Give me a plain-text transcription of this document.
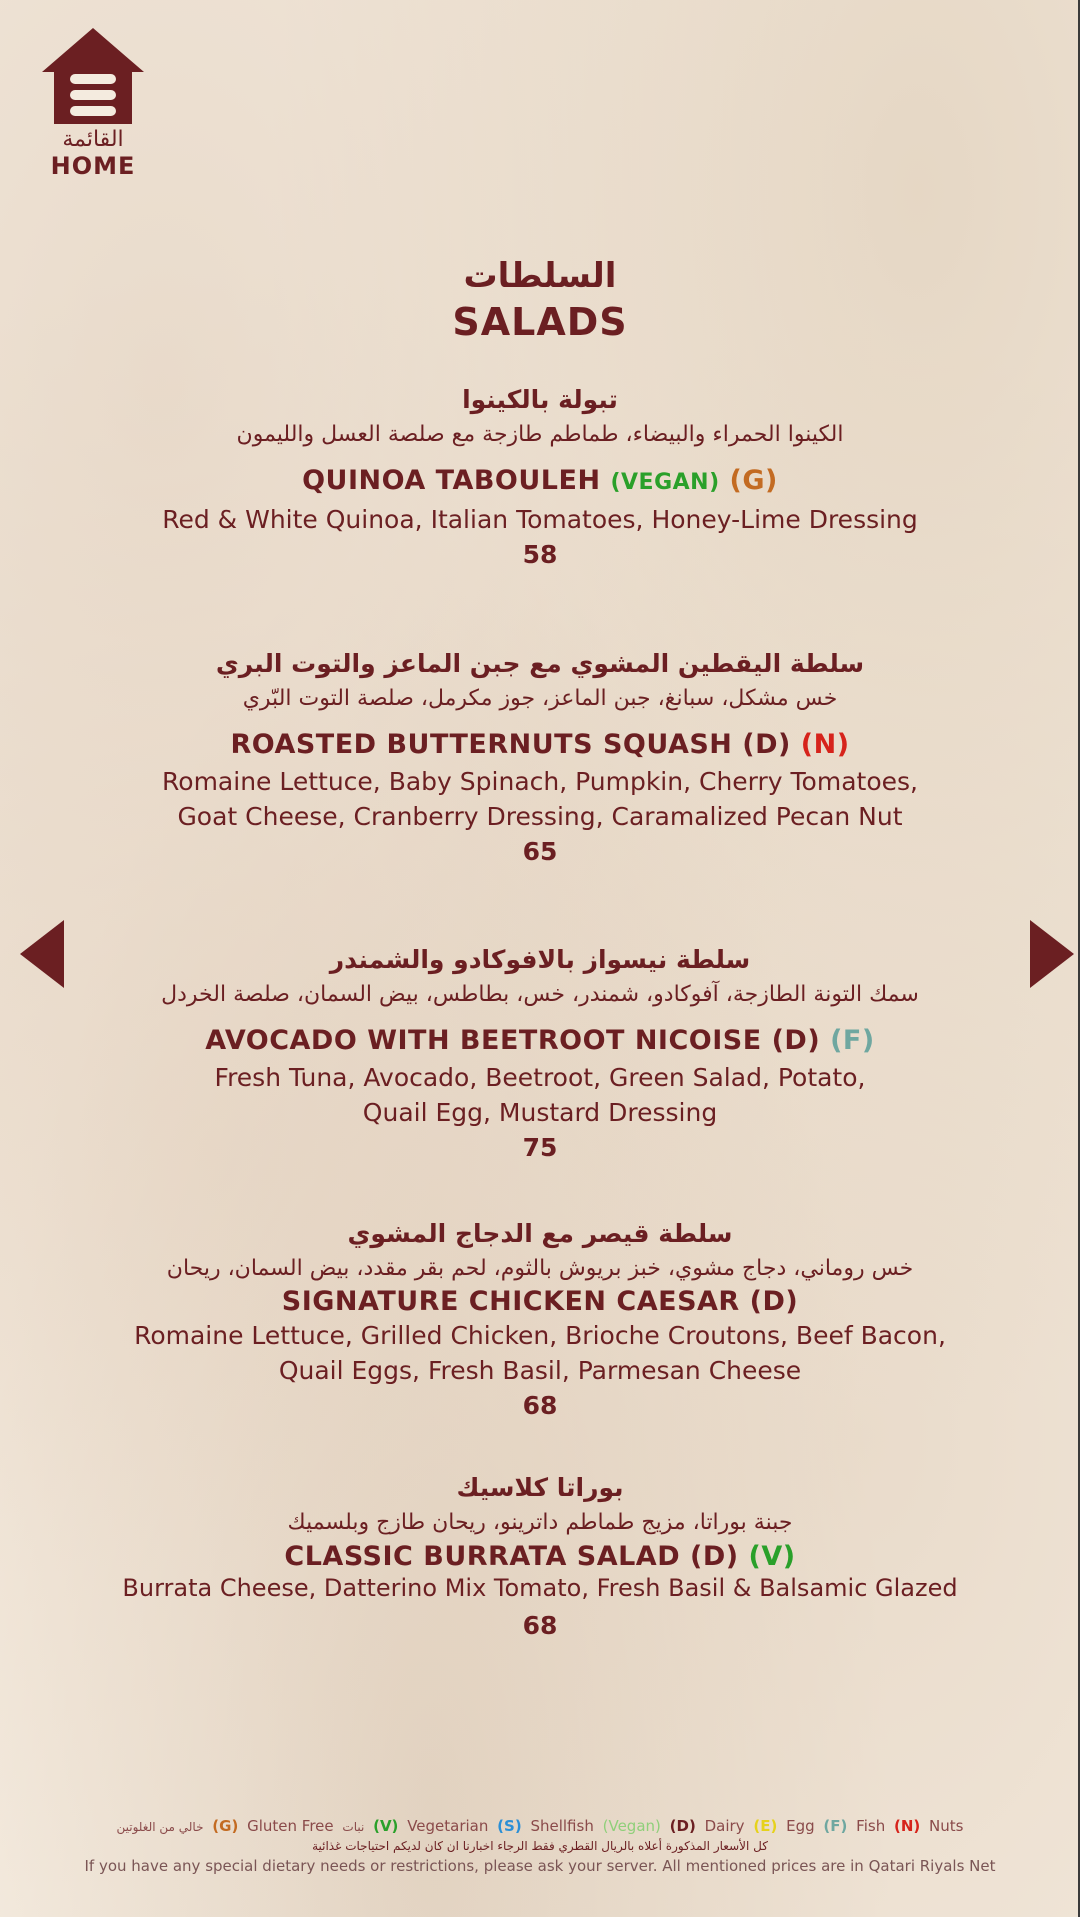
القائمة
HOME
السلطات
SALADS
تبولة بالكينوا
الكينوا الحمراء والبيضاء، طماطم طازجة مع صلصة العسل والليمون
QUINOA TABOULEH (VEGAN) (G)
Red & White Quinoa, Italian Tomatoes, Honey-Lime Dressing
58
سلطة اليقطين المشوي مع جبن الماعز والتوت البري
خس مشكل، سبانغ، جبن الماعز، جوز مكرمل، صلصة التوت البّري
ROASTED BUTTERNUTS SQUASH (D) (N)
Romaine Lettuce, Baby Spinach, Pumpkin, Cherry Tomatoes,
Goat Cheese, Cranberry Dressing, Caramalized Pecan Nut
65
سلطة نيسواز بالافوكادو والشمندر
سمك التونة الطازجة، آفوكادو، شمندر، خس، بطاطس، بيض السمان، صلصة الخردل
AVOCADO WITH BEETROOT NICOISE (D) (F)
Fresh Tuna, Avocado, Beetroot, Green Salad, Potato,
Quail Egg, Mustard Dressing
75
سلطة قيصر مع الدجاج المشوي
خس روماني، دجاج مشوي، خبز بريوش بالثوم، لحم بقر مقدد، بيض السمان، ريحان
SIGNATURE CHICKEN CAESAR (D)
Romaine Lettuce, Grilled Chicken, Brioche Croutons, Beef Bacon,
Quail Eggs, Fresh Basil, Parmesan Cheese
68
بوراتا كلاسيك
جبنة بوراتا، مزيج طماطم داترينو، ريحان طازج وبلسميك
CLASSIC BURRATA SALAD (D) (V)
Burrata Cheese, Datterino Mix Tomato, Fresh Basil & Balsamic Glazed
68
خالي من الغلوتين (G) Gluten Free نبات (V) Vegetarian (S) Shellfish (Vegan) (D) Dairy (E) Egg (F) Fish (N) Nuts
كل الأسعار المذكورة أعلاه بالريال القطري فقط الرجاء اخبارنا ان كان لديكم احتياجات غذائية
If you have any special dietary needs or restrictions, please ask your server. All mentioned prices are in Qatari Riyals Net
